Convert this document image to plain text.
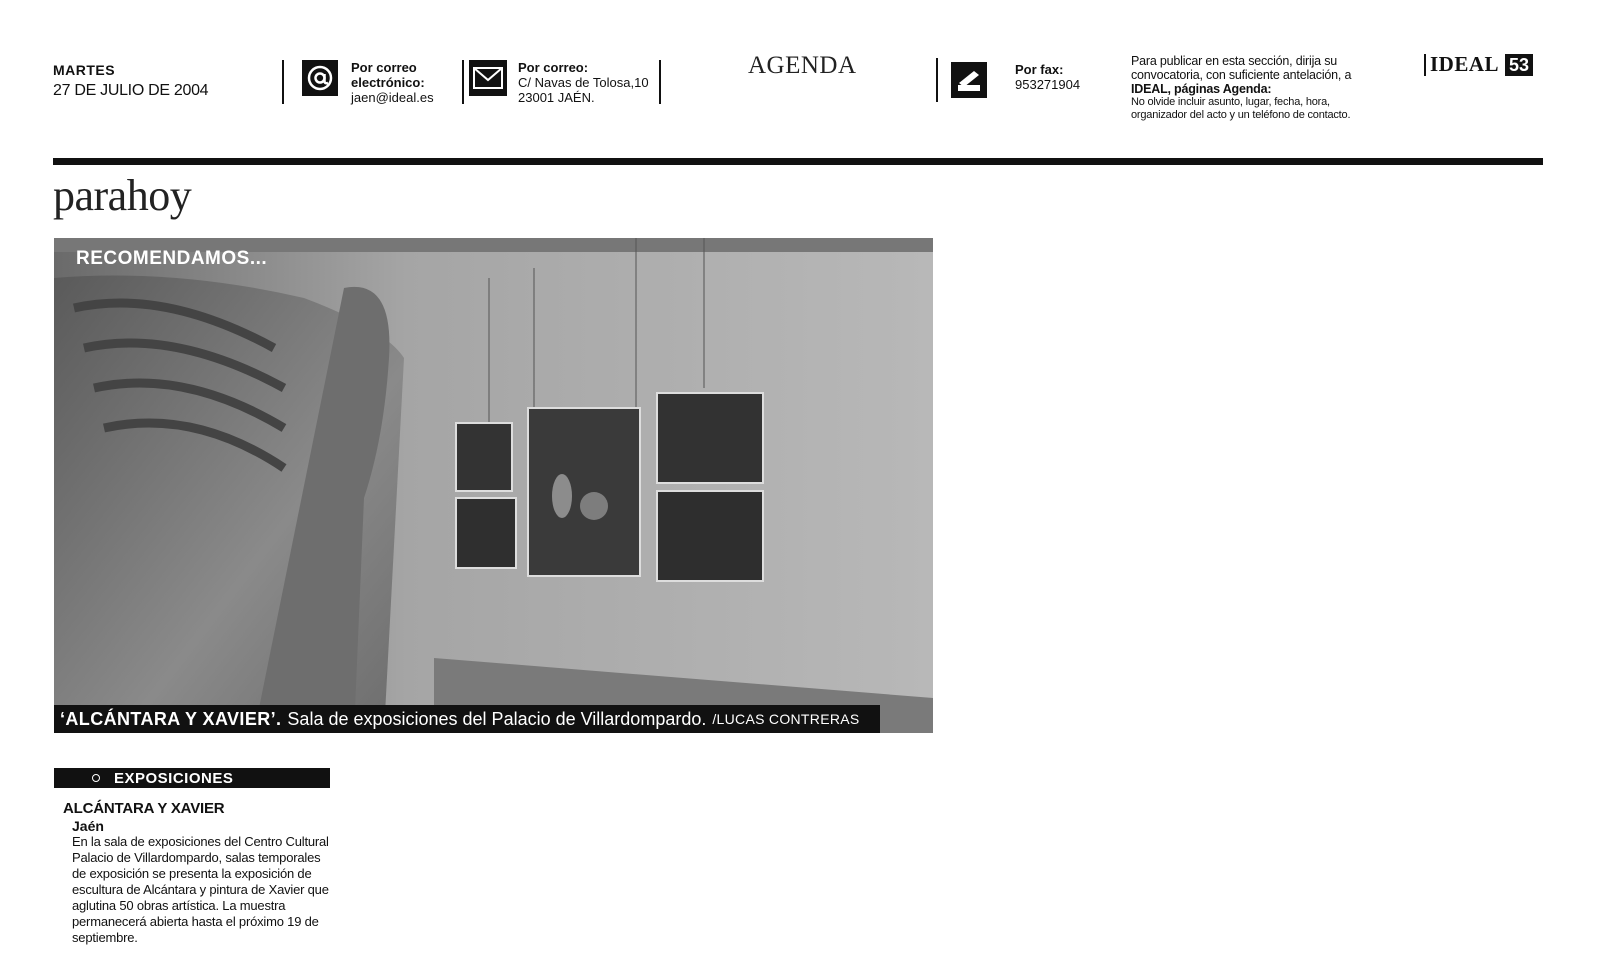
MARTES
27 DE JULIO DE 2004
Por correo
electrónico:
jaen@ideal.es
Por correo:
C/ Navas de Tolosa,10
23001 JAÉN.
AGENDA	Por fax:
953271904
Para publicar en esta sección, dirija su
convocatoria, con suficiente antelación, a
IDEAL, páginas Agenda:
No olvide incluir asunto, lugar, fecha, hora,
organizador del acto y un teléfono de contacto.
IDEAL 53
parahoy
RECOMENDAMOS...
‘ALCÁNTARA Y XAVIER’. Sala de exposiciones del Palacio de Villardompardo. /LUCAS CONTRERAS
EXPOSICIONES
ALCÁNTARA Y XAVIER
Jaén
En la sala de exposiciones del Centro Cultural Palacio de Villardompardo, salas temporales de exposición se presenta la exposición de escultura de Alcántara y pintura de Xavier que aglutina 50 obras artística. La muestra permanecerá abierta hasta el próximo 19 de septiembre.
